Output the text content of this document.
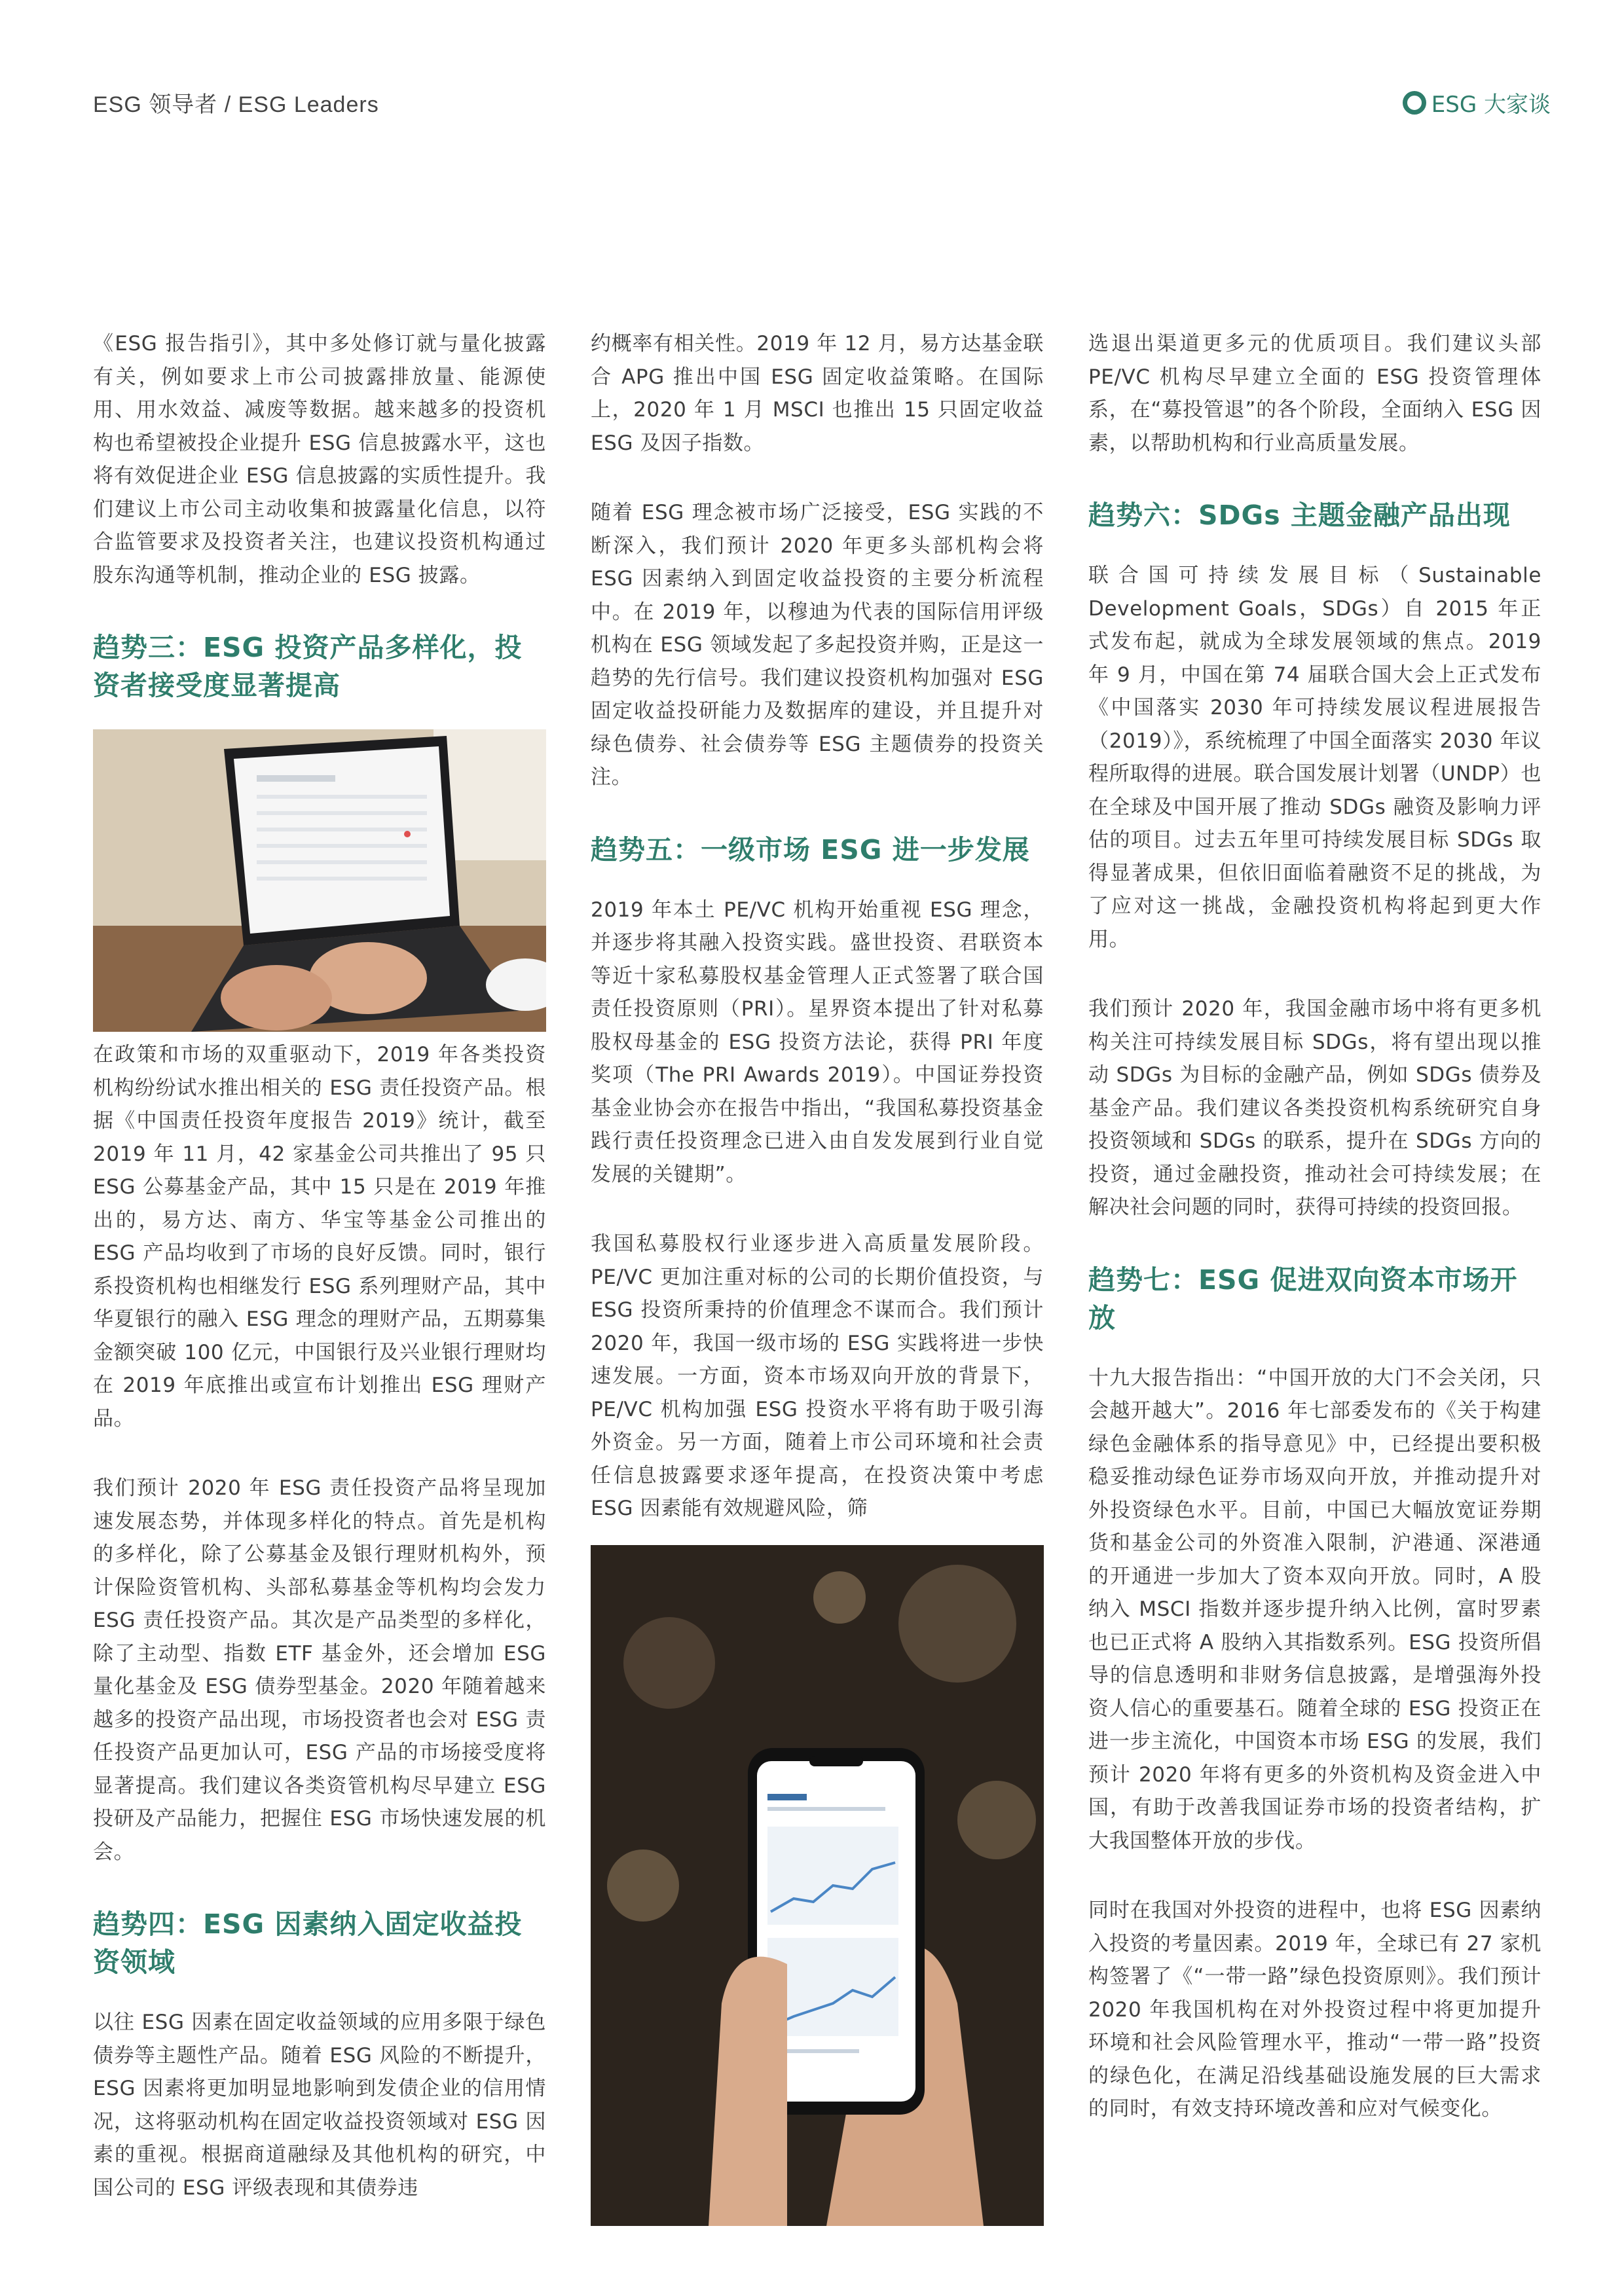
ESG 领导者 / ESG Leaders	ESG 大家谈

《ESG 报告指引》，其中多处修订就与量化披露有关，例如要求上市公司披露排放量、能源使用、用水效益、减废等数据。越来越多的投资机构也希望被投企业提升 ESG 信息披露水平，这也将有效促进企业 ESG 信息披露的实质性提升。我们建议上市公司主动收集和披露量化信息，以符合监管要求及投资者关注，也建议投资机构通过股东沟通等机制，推动企业的 ESG 披露。

趋势三：ESG 投资产品多样化，投资者接受度显著提高

在政策和市场的双重驱动下，2019 年各类投资机构纷纷试水推出相关的 ESG 责任投资产品。根据《中国责任投资年度报告 2019》统计，截至 2019 年 11 月，42 家基金公司共推出了 95 只 ESG 公募基金产品，其中 15 只是在 2019 年推出的，易方达、南方、华宝等基金公司推出的 ESG 产品均收到了市场的良好反馈。同时，银行系投资机构也相继发行 ESG 系列理财产品，其中华夏银行的融入 ESG 理念的理财产品，五期募集金额突破 100 亿元，中国银行及兴业银行理财均在 2019 年底推出或宣布计划推出 ESG 理财产品。

我们预计 2020 年 ESG 责任投资产品将呈现加速发展态势，并体现多样化的特点。首先是机构的多样化，除了公募基金及银行理财机构外，预计保险资管机构、头部私募基金等机构均会发力 ESG 责任投资产品。其次是产品类型的多样化，除了主动型、指数 ETF 基金外，还会增加 ESG 量化基金及 ESG 债券型基金。2020 年随着越来越多的投资产品出现，市场投资者也会对 ESG 责任投资产品更加认可，ESG 产品的市场接受度将显著提高。我们建议各类资管机构尽早建立 ESG 投研及产品能力，把握住 ESG 市场快速发展的机会。

趋势四：ESG 因素纳入固定收益投资领域

以往 ESG 因素在固定收益领域的应用多限于绿色债券等主题性产品。随着 ESG 风险的不断提升，ESG 因素将更加明显地影响到发债企业的信用情况，这将驱动机构在固定收益投资领域对 ESG 因素的重视。根据商道融绿及其他机构的研究，中国公司的 ESG 评级表现和其债券违

约概率有相关性。2019 年 12 月，易方达基金联合 APG 推出中国 ESG 固定收益策略。在国际上，2020 年 1 月 MSCI 也推出 15 只固定收益 ESG 及因子指数。

随着 ESG 理念被市场广泛接受，ESG 实践的不断深入，我们预计 2020 年更多头部机构会将 ESG 因素纳入到固定收益投资的主要分析流程中。在 2019 年，以穆迪为代表的国际信用评级机构在 ESG 领域发起了多起投资并购，正是这一趋势的先行信号。我们建议投资机构加强对 ESG 固定收益投研能力及数据库的建设，并且提升对绿色债券、社会债券等 ESG 主题债券的投资关注。

趋势五：一级市场 ESG 进一步发展

2019 年本土 PE/VC 机构开始重视 ESG 理念，并逐步将其融入投资实践。盛世投资、君联资本等近十家私募股权基金管理人正式签署了联合国责任投资原则（PRI）。星界资本提出了针对私募股权母基金的 ESG 投资方法论，获得 PRI 年度奖项（The PRI Awards 2019）。中国证券投资基金业协会亦在报告中指出，“我国私募投资基金践行责任投资理念已进入由自发发展到行业自觉发展的关键期”。

我国私募股权行业逐步进入高质量发展阶段。PE/VC 更加注重对标的公司的长期价值投资，与 ESG 投资所秉持的价值理念不谋而合。我们预计 2020 年，我国一级市场的 ESG 实践将进一步快速发展。一方面，资本市场双向开放的背景下，PE/VC 机构加强 ESG 投资水平将有助于吸引海外资金。另一方面，随着上市公司环境和社会责任信息披露要求逐年提高，在投资决策中考虑 ESG 因素能有效规避风险，筛

选退出渠道更多元的优质项目。我们建议头部 PE/VC 机构尽早建立全面的 ESG 投资管理体系，在“募投管退”的各个阶段，全面纳入 ESG 因素，以帮助机构和行业高质量发展。

趋势六：SDGs 主题金融产品出现

联合国可持续发展目标（Sustainable Development Goals，SDGs）自 2015 年正式发布起，就成为全球发展领域的焦点。2019 年 9 月，中国在第 74 届联合国大会上正式发布《中国落实 2030 年可持续发展议程进展报告（2019）》，系统梳理了中国全面落实 2030 年议程所取得的进展。联合国发展计划署（UNDP）也在全球及中国开展了推动 SDGs 融资及影响力评估的项目。过去五年里可持续发展目标 SDGs 取得显著成果，但依旧面临着融资不足的挑战，为了应对这一挑战，金融投资机构将起到更大作用。

我们预计 2020 年，我国金融市场中将有更多机构关注可持续发展目标 SDGs，将有望出现以推动 SDGs 为目标的金融产品，例如 SDGs 债券及基金产品。我们建议各类投资机构系统研究自身投资领域和 SDGs 的联系，提升在 SDGs 方向的投资，通过金融投资，推动社会可持续发展；在解决社会问题的同时，获得可持续的投资回报。

趋势七：ESG 促进双向资本市场开放

十九大报告指出：“中国开放的大门不会关闭，只会越开越大”。2016 年七部委发布的《关于构建绿色金融体系的指导意见》中，已经提出要积极稳妥推动绿色证券市场双向开放，并推动提升对外投资绿色水平。目前，中国已大幅放宽证券期货和基金公司的外资准入限制，沪港通、深港通的开通进一步加大了资本双向开放。同时，A 股纳入 MSCI 指数并逐步提升纳入比例，富时罗素也已正式将 A 股纳入其指数系列。ESG 投资所倡导的信息透明和非财务信息披露，是增强海外投资人信心的重要基石。随着全球的 ESG 投资正在进一步主流化，中国资本市场 ESG 的发展，我们预计 2020 年将有更多的外资机构及资金进入中国，有助于改善我国证券市场的投资者结构，扩大我国整体开放的步伐。

同时在我国对外投资的进程中，也将 ESG 因素纳入投资的考量因素。2019 年，全球已有 27 家机构签署了《“一带一路”绿色投资原则》。我们预计 2020 年我国机构在对外投资过程中将更加提升环境和社会风险管理水平，推动“一带一路”投资的绿色化，在满足沿线基础设施发展的巨大需求的同时，有效支持环境改善和应对气候变化。
